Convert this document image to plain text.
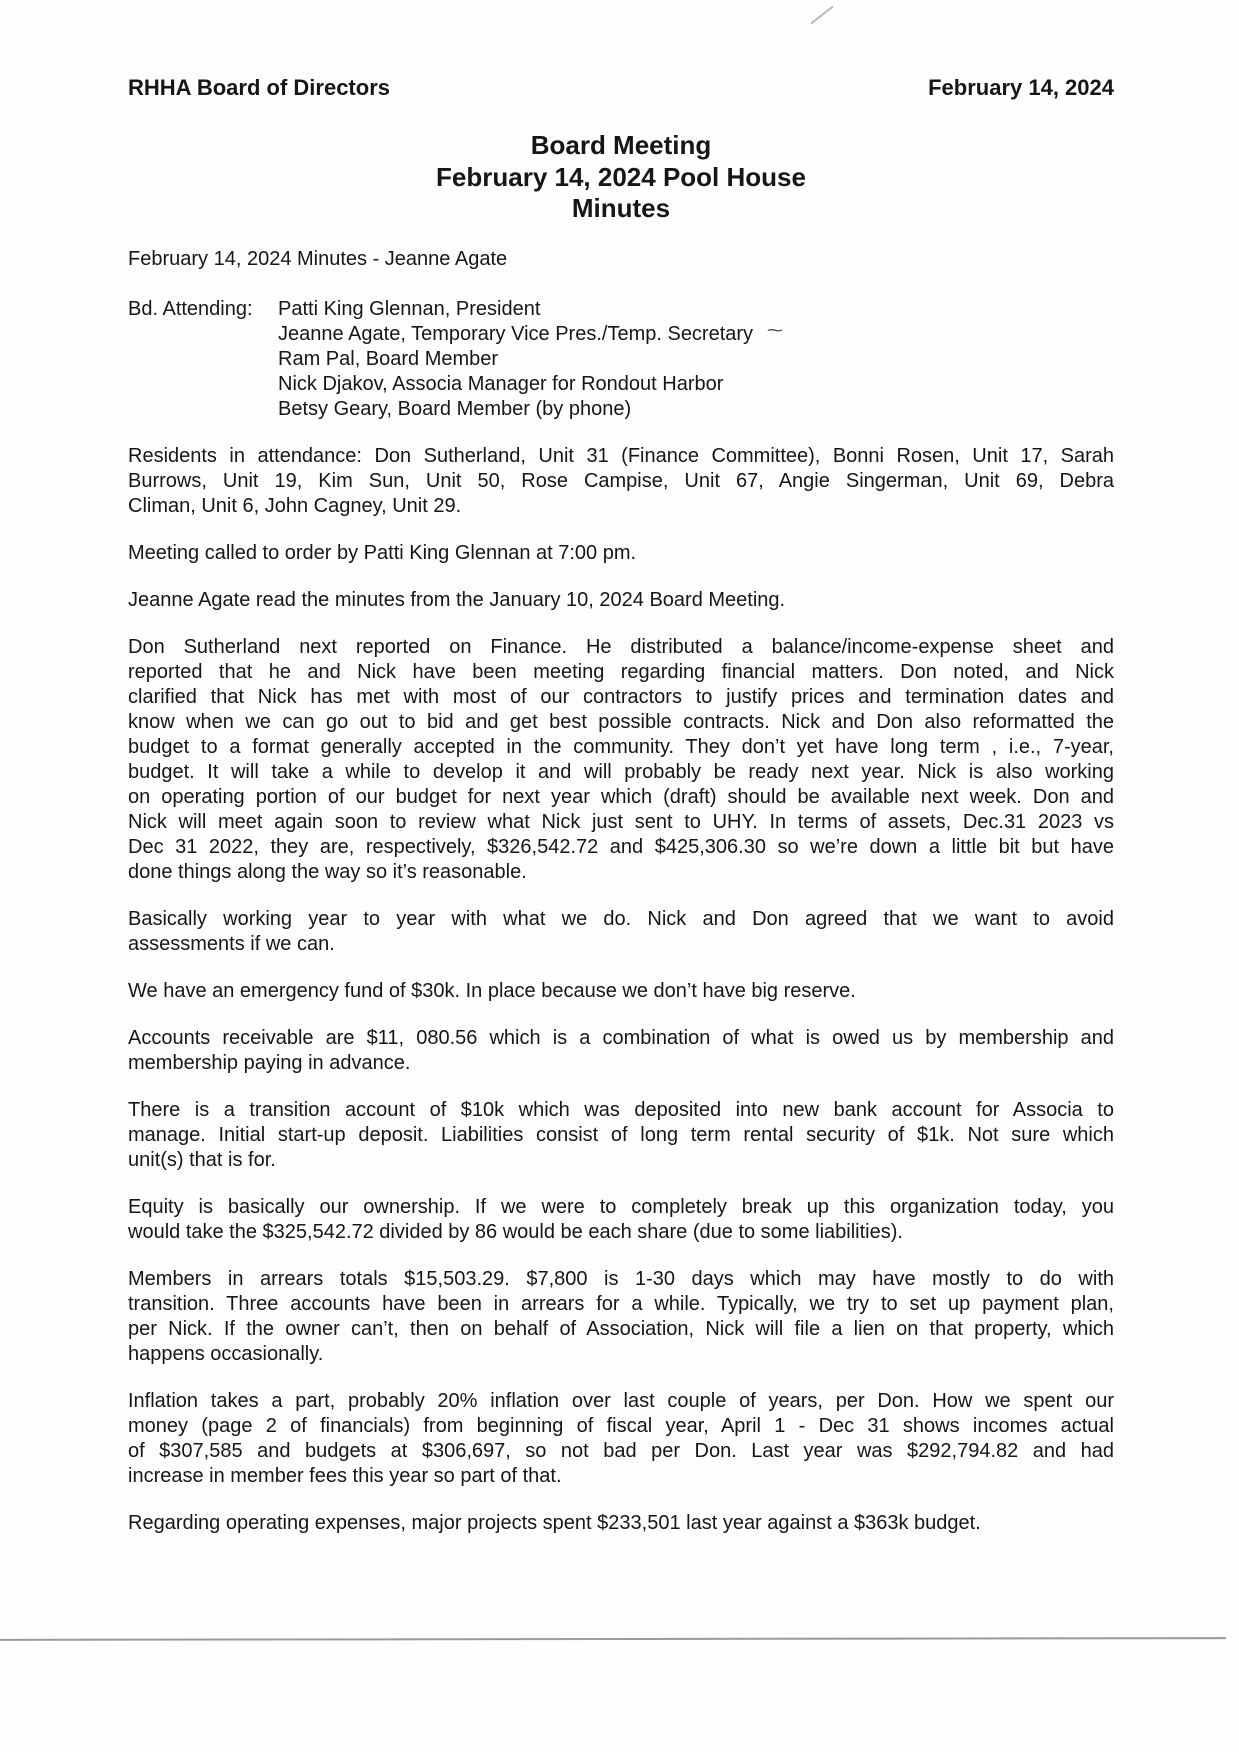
RHHA Board of Directors	February 14, 2024
Board Meeting
February 14, 2024 Pool House
Minutes
February 14, 2024 Minutes - Jeanne Agate
Bd. Attending:	Patti King Glennan, President
Jeanne Agate, Temporary Vice Pres./Temp. Secretary ~
Ram Pal, Board Member
Nick Djakov, Associa Manager for Rondout Harbor
Betsy Geary, Board Member (by phone)
Residents in attendance: Don Sutherland, Unit 31 (Finance Committee), Bonni Rosen, Unit 17, Sarah
Burrows, Unit 19, Kim Sun, Unit 50, Rose Campise, Unit 67, Angie Singerman, Unit 69, Debra
Climan, Unit 6, John Cagney, Unit 29.
Meeting called to order by Patti King Glennan at 7:00 pm.
Jeanne Agate read the minutes from the January 10, 2024 Board Meeting.
Don Sutherland next reported on Finance. He distributed a balance/income-expense sheet and
reported that he and Nick have been meeting regarding financial matters. Don noted, and Nick
clarified that Nick has met with most of our contractors to justify prices and termination dates and
know when we can go out to bid and get best possible contracts. Nick and Don also reformatted the
budget to a format generally accepted in the community. They don’t yet have long term , i.e., 7-year,
budget. It will take a while to develop it and will probably be ready next year. Nick is also working
on operating portion of our budget for next year which (draft) should be available next week. Don and
Nick will meet again soon to review what Nick just sent to UHY. In terms of assets, Dec.31 2023 vs
Dec 31 2022, they are, respectively, $326,542.72 and $425,306.30 so we’re down a little bit but have
done things along the way so it’s reasonable.
Basically working year to year with what we do. Nick and Don agreed that we want to avoid
assessments if we can.
We have an emergency fund of $30k. In place because we don’t have big reserve.
Accounts receivable are $11, 080.56 which is a combination of what is owed us by membership and
membership paying in advance.
There is a transition account of $10k which was deposited into new bank account for Associa to
manage. Initial start-up deposit. Liabilities consist of long term rental security of $1k. Not sure which
unit(s) that is for.
Equity is basically our ownership. If we were to completely break up this organization today, you
would take the $325,542.72 divided by 86 would be each share (due to some liabilities).
Members in arrears totals $15,503.29. $7,800 is 1-30 days which may have mostly to do with
transition. Three accounts have been in arrears for a while. Typically, we try to set up payment plan,
per Nick. If the owner can’t, then on behalf of Association, Nick will file a lien on that property, which
happens occasionally.
Inflation takes a part, probably 20% inflation over last couple of years, per Don. How we spent our
money (page 2 of financials) from beginning of fiscal year, April 1 - Dec 31 shows incomes actual
of $307,585 and budgets at $306,697, so not bad per Don. Last year was $292,794.82 and had
increase in member fees this year so part of that.
Regarding operating expenses, major projects spent $233,501 last year against a $363k budget.
